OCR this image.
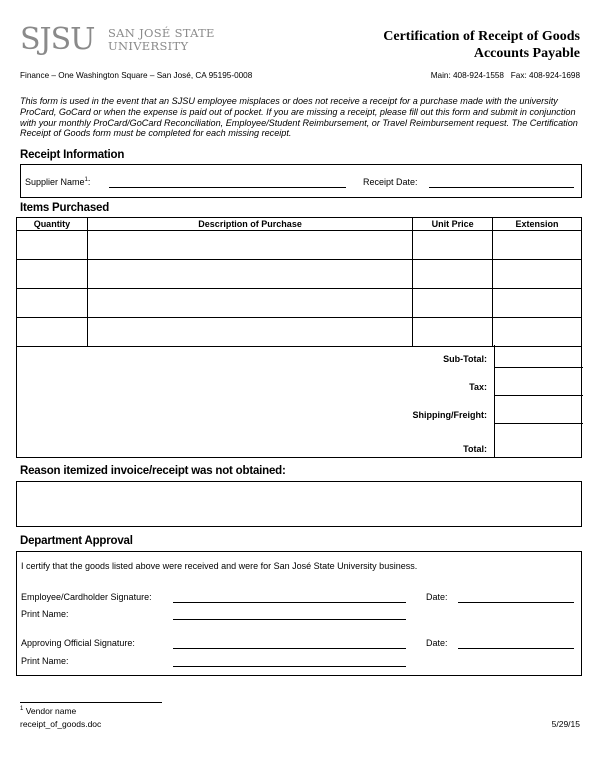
SJSU SAN JOSÉ STATE
UNIVERSITY
Certification of Receipt of Goods
Accounts Payable
Finance – One Washington Square – San José, CA 95195-0008	Main: 408-924-1558   Fax: 408-924-1698
This form is used in the event that an SJSU employee misplaces or does not receive a receipt for a purchase made with the university ProCard, GoCard or when the expense is paid out of pocket. If you are missing a receipt, please fill out this form and submit in conjunction with your monthly ProCard/GoCard Reconciliation, Employee/Student Reimbursement, or Travel Reimbursement request. The Certification Receipt of Goods form must be completed for each missing receipt.
Receipt Information
Supplier Name$^1$:	Receipt Date:
Items Purchased
Quantity	Description of Purchase	Unit Price	Extension

Sub-Total:
Tax:
Shipping/Freight:
Total:
Reason itemized invoice/receipt was not obtained:
Department Approval
I certify that the goods listed above were received and were for San José State University business.
Employee/Cardholder Signature:	Date:
Print Name:
Approving Official Signature:	Date:
Print Name:
$^1$ Vendor name
receipt_of_goods.doc	5/29/15
